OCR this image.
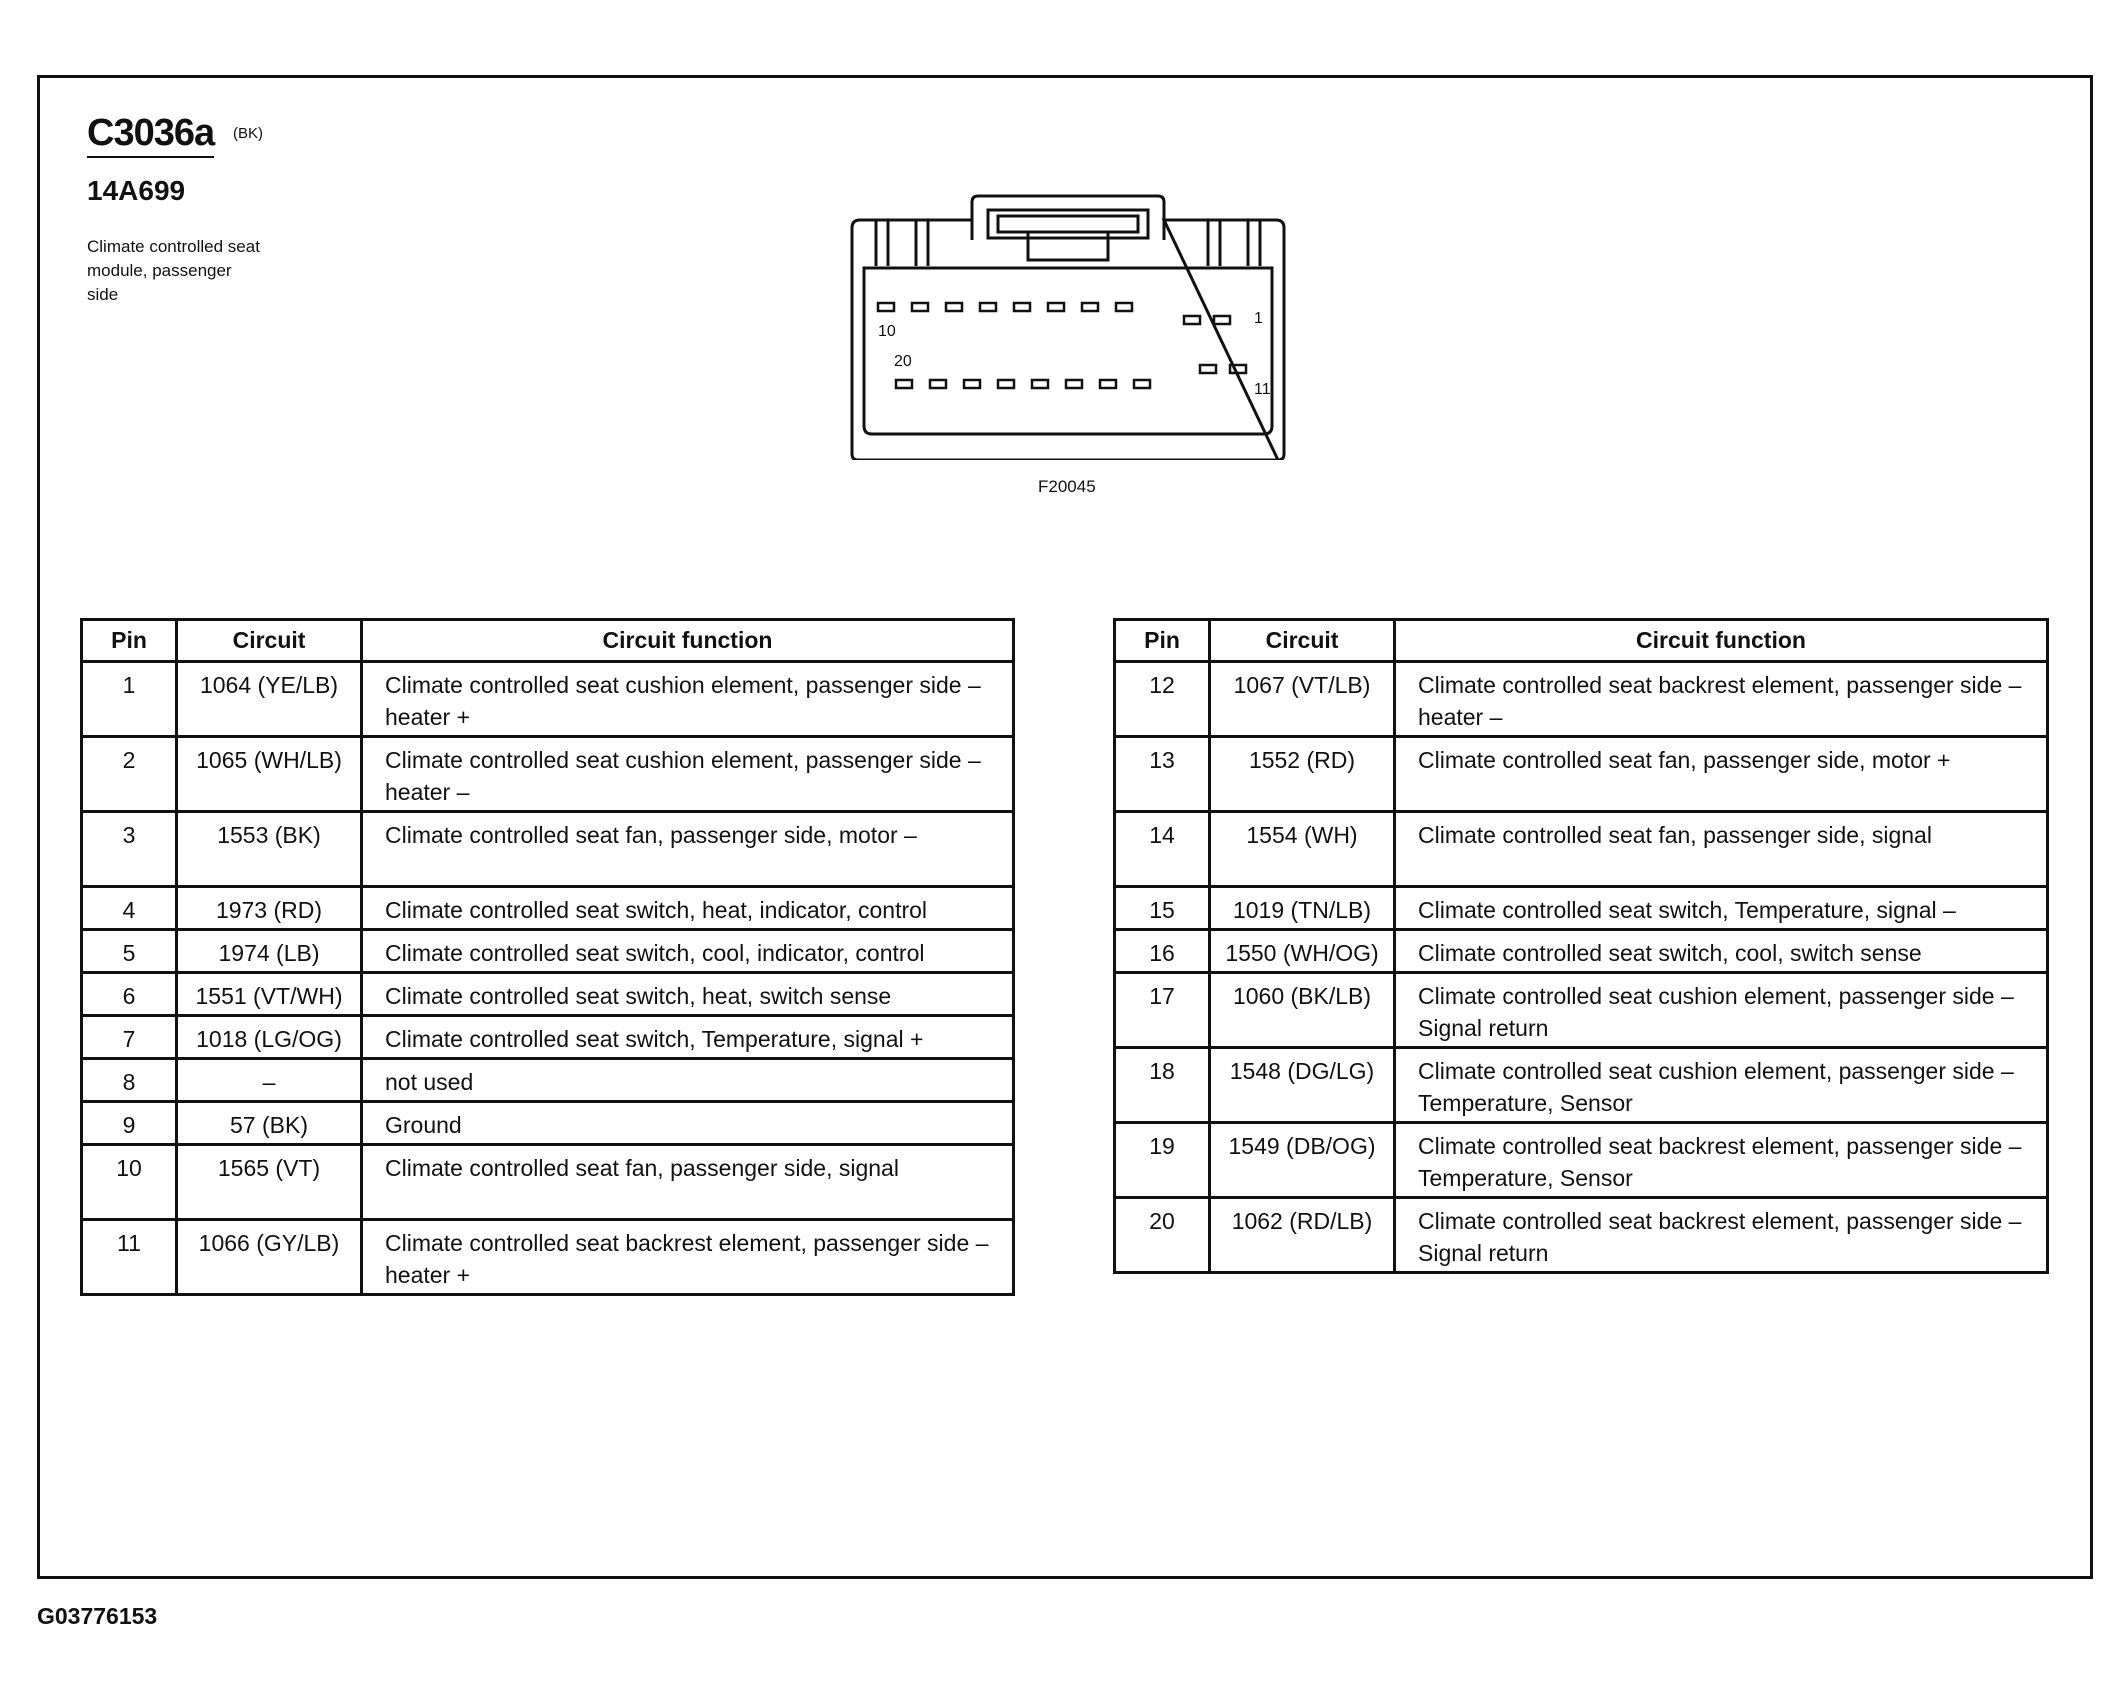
C3036a (BK)
14A699
Climate controlled seat module, passenger side
10
1
20
11
F20045
Pin	Circuit	Circuit function
1	1064 (YE/LB)	Climate controlled seat cushion element, passenger side – heater +
2	1065 (WH/LB)	Climate controlled seat cushion element, passenger side – heater –
3	1553 (BK)	Climate controlled seat fan, passenger side, motor –
4	1973 (RD)	Climate controlled seat switch, heat, indicator, control
5	1974 (LB)	Climate controlled seat switch, cool, indicator, control
6	1551 (VT/WH)	Climate controlled seat switch, heat, switch sense
7	1018 (LG/OG)	Climate controlled seat switch, Temperature, signal +
8	–	not used
9	57 (BK)	Ground
10	1565 (VT)	Climate controlled seat fan, passenger side, signal
11	1066 (GY/LB)	Climate controlled seat backrest element, passenger side – heater +
Pin	Circuit	Circuit function
12	1067 (VT/LB)	Climate controlled seat backrest element, passenger side – heater –
13	1552 (RD)	Climate controlled seat fan, passenger side, motor +
14	1554 (WH)	Climate controlled seat fan, passenger side, signal
15	1019 (TN/LB)	Climate controlled seat switch, Temperature, signal –
16	1550 (WH/OG)	Climate controlled seat switch, cool, switch sense
17	1060 (BK/LB)	Climate controlled seat cushion element, passenger side – Signal return
18	1548 (DG/LG)	Climate controlled seat cushion element, passenger side – Temperature, Sensor
19	1549 (DB/OG)	Climate controlled seat backrest element, passenger side – Temperature, Sensor
20	1062 (RD/LB)	Climate controlled seat backrest element, passenger side – Signal return
G03776153
